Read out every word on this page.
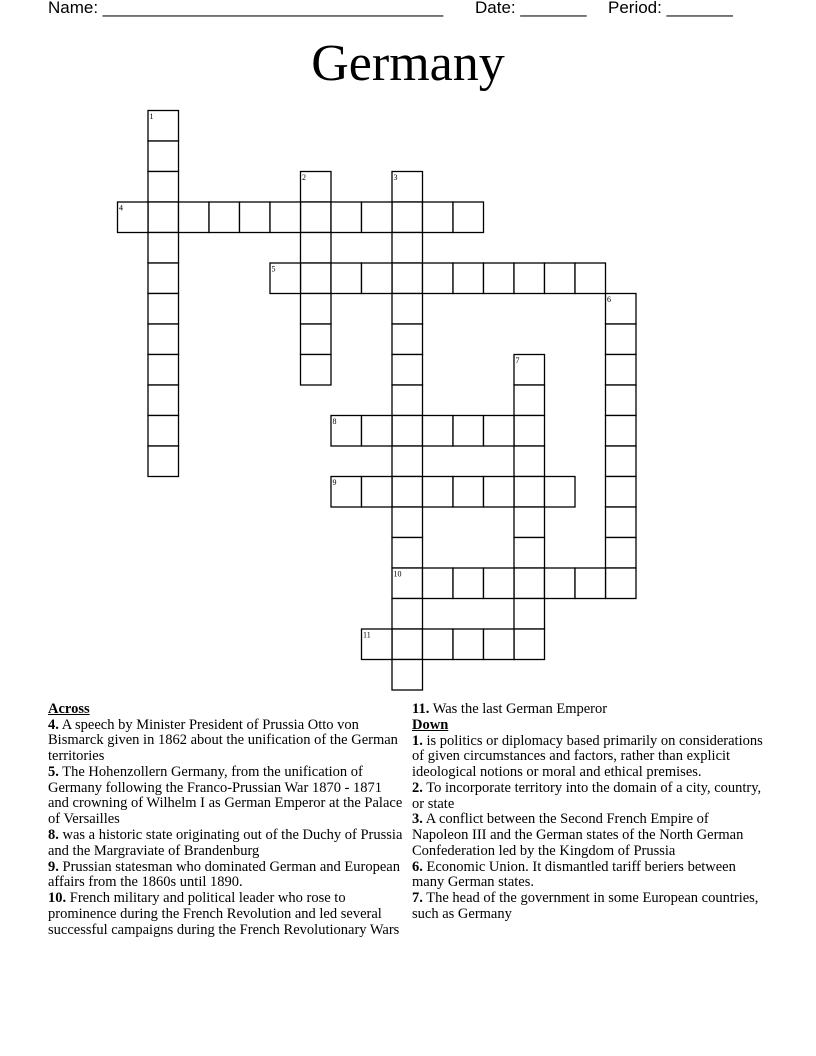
Name: ____________________________________ Date: _______ Period: _______
Germany
1
2	3
4
5
6
7
8
9
10
11
Across
4. A speech by Minister President of Prussia Otto von Bismarck given in 1862 about the unification of the German territories
5. The Hohenzollern Germany, from the unification of Germany following the Franco-Prussian War 1870 - 1871 and crowning of Wilhelm I as German Emperor at the Palace of Versailles
8. was a historic state originating out of the Duchy of Prussia and the Margraviate of Brandenburg
9. Prussian statesman who dominated German and European affairs from the 1860s until 1890.
10. French military and political leader who rose to prominence during the French Revolution and led several successful campaigns during the French Revolutionary Wars
11. Was the last German Emperor
Down
1. is politics or diplomacy based primarily on considerations of given circumstances and factors, rather than explicit ideological notions or moral and ethical premises.
2. To incorporate territory into the domain of a city, country, or state
3. A conflict between the Second French Empire of Napoleon III and the German states of the North German Confederation led by the Kingdom of Prussia
6. Economic Union. It dismantled tariff beriers between many German states.
7. The head of the government in some European countries, such as Germany
